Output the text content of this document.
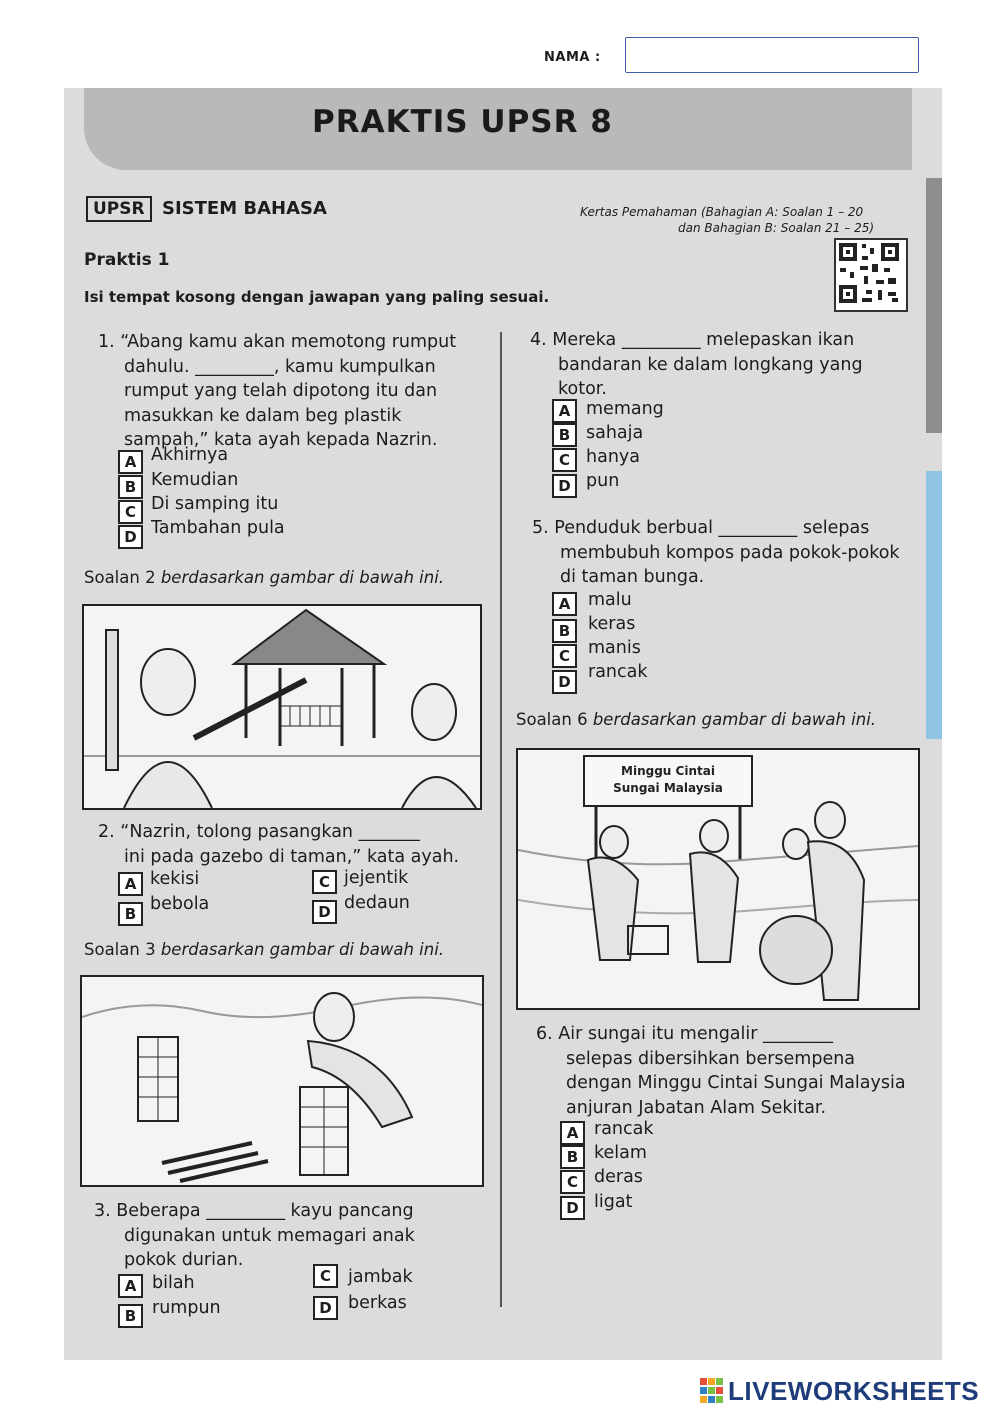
NAMA :
PRAKTIS UPSR 8
UPSR SISTEM BAHASA	Kertas Pemahaman (Bahagian A: Soalan 1 – 20
dan Bahagian B: Soalan 21 – 25)
Praktis 1
Isi tempat kosong dengan jawapan yang paling sesuai.
1. “Abang kamu akan memotong rumput
dahulu. _________, kamu kumpulkan
rumput yang telah dipotong itu dan
masukkan ke dalam beg plastik
sampah,” kata ayah kepada Nazrin.
A Akhirnya
B Kemudian
C Di samping itu
D Tambahan pula
Soalan 2 berdasarkan gambar di bawah ini.
2. “Nazrin, tolong pasangkan _______
ini pada gazebo di taman,” kata ayah.
A kekisi
B bebola
C jejentik
D dedaun
Soalan 3 berdasarkan gambar di bawah ini.
3. Beberapa _________ kayu pancang
digunakan untuk memagari anak
pokok durian.
A bilah
B rumpun
C jambak
D berkas
4. Mereka _________ melepaskan ikan
bandaran ke dalam longkang yang
kotor.
A memang
B sahaja
C hanya
D pun
5. Penduduk berbual _________ selepas
membubuh kompos pada pokok-pokok
di taman bunga.
A	malu
B	keras
C	manis
D rancak
Soalan 6 berdasarkan gambar di bawah ini.
Minggu Cintai
Sungai Malaysia
6. Air sungai itu mengalir ________
selepas dibersihkan bersempena
dengan Minggu Cintai Sungai Malaysia
anjuran Jabatan Alam Sekitar.
A rancak
B kelam
C deras
D ligat
LIVEWORKSHEETS
